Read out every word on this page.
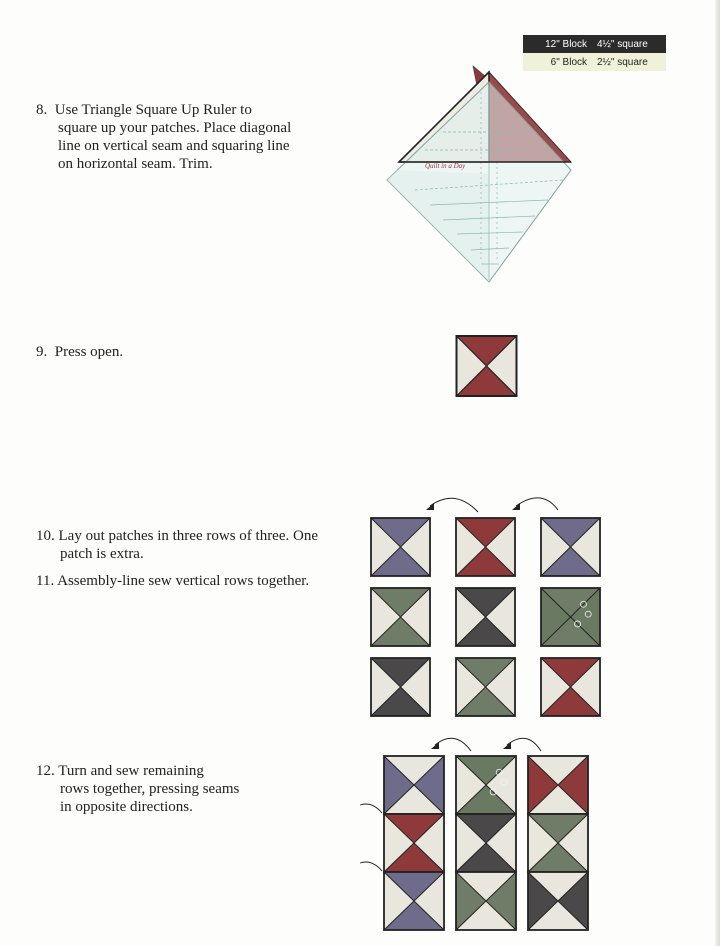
12" Block	4½" square
6" Block	2½" square
8. Use Triangle Square Up Ruler to
square up your patches. Place diagonal
line on vertical seam and squaring line
on horizontal seam. Trim.
9. Press open.
10. Lay out patches in three rows of three. One
patch is extra.
11. Assembly-line sew vertical rows together.
12. Turn and sew remaining
rows together, pressing seams
in opposite directions.
Quilt in a Day
